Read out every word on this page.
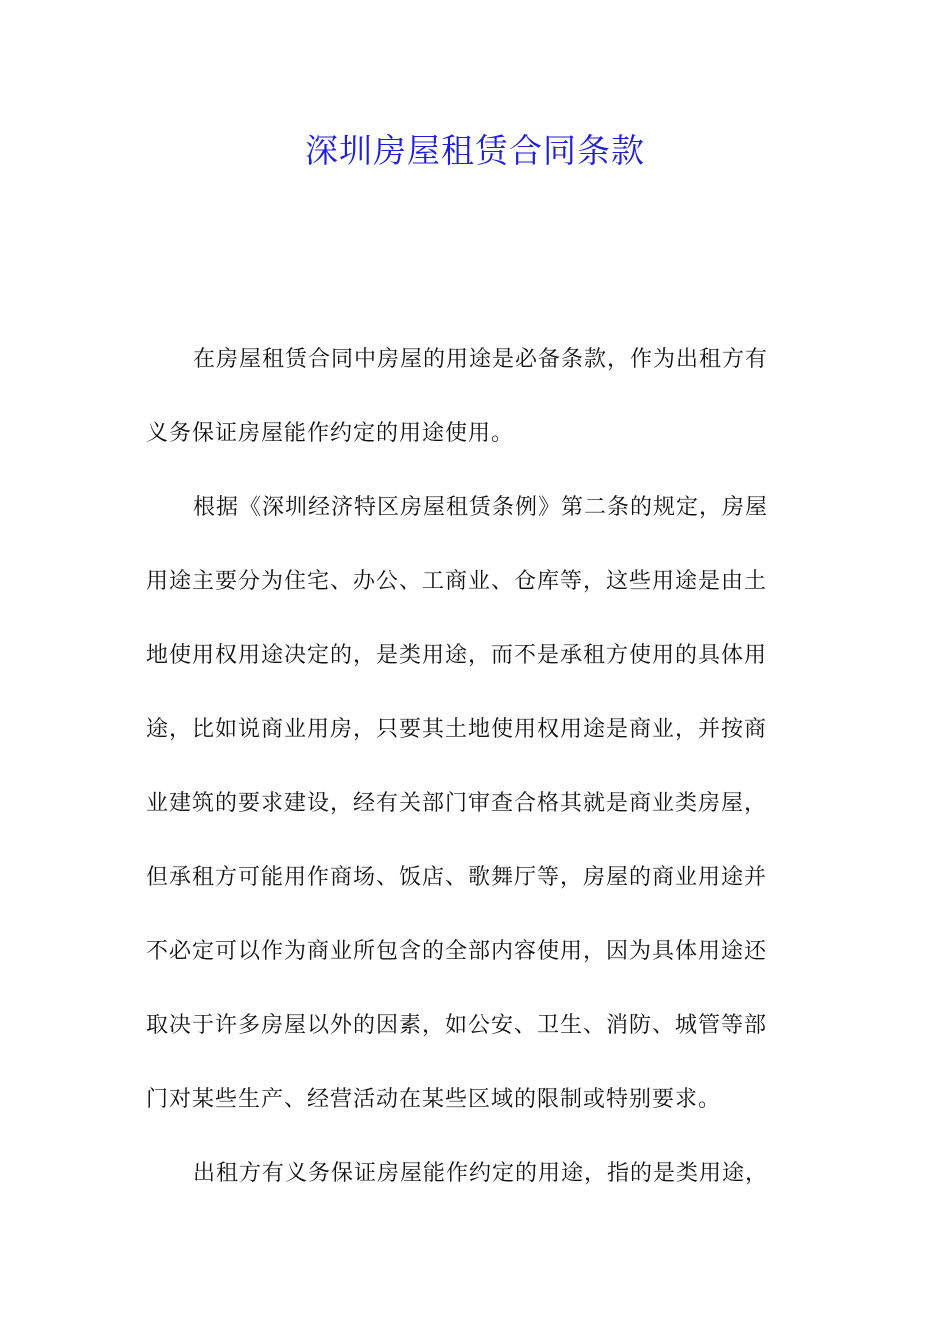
深圳房屋租赁合同条款
在房屋租赁合同中房屋的用途是必备条款，作为出租方有
义务保证房屋能作约定的用途使用。
根据《深圳经济特区房屋租赁条例》第二条的规定，房屋
用途主要分为住宅、办公、工商业、仓库等，这些用途是由土
地使用权用途决定的，是类用途，而不是承租方使用的具体用
途，比如说商业用房，只要其土地使用权用途是商业，并按商
业建筑的要求建设，经有关部门审查合格其就是商业类房屋，
但承租方可能用作商场、饭店、歌舞厅等，房屋的商业用途并
不必定可以作为商业所包含的全部内容使用，因为具体用途还
取决于许多房屋以外的因素，如公安、卫生、消防、城管等部
门对某些生产、经营活动在某些区域的限制或特别要求。
出租方有义务保证房屋能作约定的用途，指的是类用途，
